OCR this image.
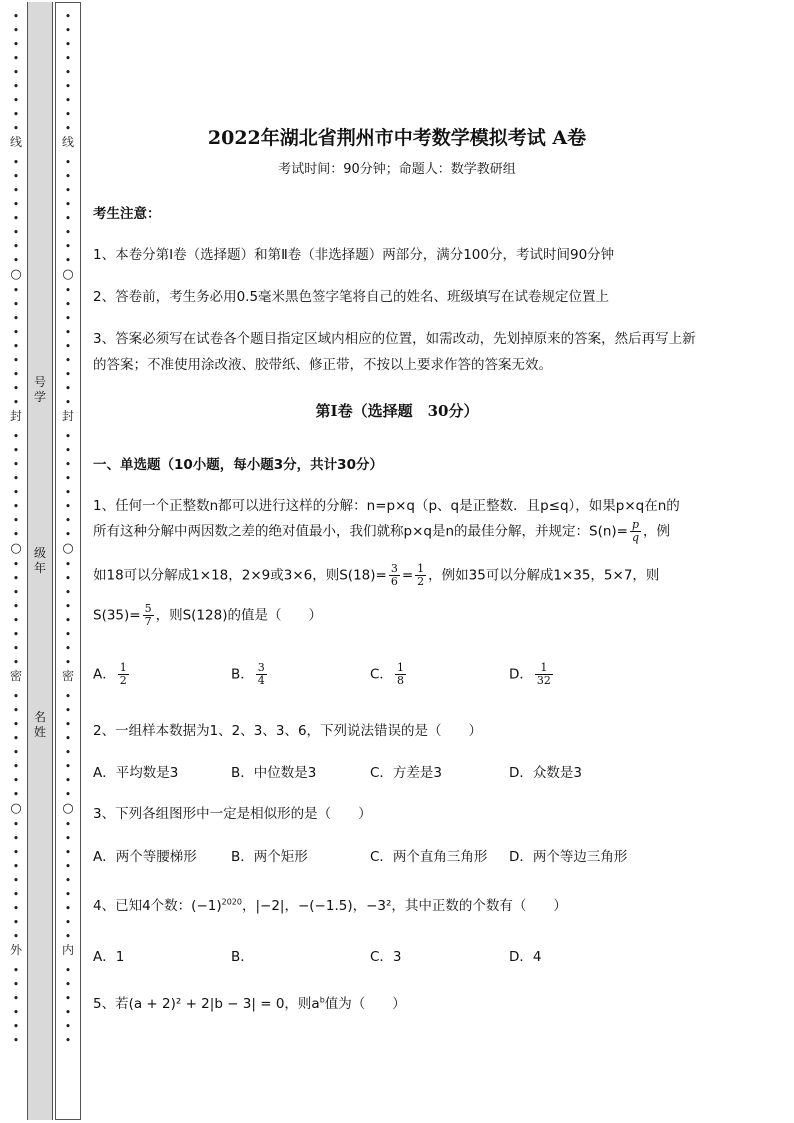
•
•
•
•
•
•
•
•
•
线
•
•
•
•
•
•
•
•
○
•
•
•
•
•
•
•
•
•
封
•
•
•
•
•
•
•
•
○
•
•
•
•
•
•
•
•
密
•
•
•
•
•
•
•
•
○
•
•
•
•
•
•
•
•
•
外
•
•
•
•
•
•
•
•
•
•
•
•
•
•
•
线
•
•
•
•
•
•
•
•
○
•
•
•
•
•
•
•
•
•
封
•
•
•
•
•
•
•
•
○
•
•
•
•
•
•
•
•
密
•
•
•
•
•
•
•
•
○
•
•
•
•
•
•
•
•
•
内
•
•
•
•
•
•
号学
级年
名姓
2022年湖北省荆州市中考数学模拟考试 A卷
考试时间：90分钟；命题人：数学教研组
考生注意：
1、本卷分第I卷（选择题）和第Ⅱ卷（非选择题）两部分，满分100分，考试时间90分钟
2、答卷前，考生务必用0.5毫米黑色签字笔将自己的姓名、班级填写在试卷规定位置上
3、答案必须写在试卷各个题目指定区域内相应的位置，如需改动，先划掉原来的答案，然后再写上新
的答案；不准使用涂改液、胶带纸、修正带，不按以上要求作答的答案无效。
第I卷（选择题　30分）
一、单选题（10小题，每小题3分，共计30分）
1、任何一个正整数n都可以进行这样的分解：n=p×q（p、q是正整数．且p≤q），如果p×q在n的
所有这种分解中两因数之差的绝对值最小，我们就称p×q是n的最佳分解，并规定：$S(n)= \frac{p}{q}$ ，例
如18可以分解成1×18，2×9或3×6，则$S(18)= \frac{3}{6} = \frac{1}{2}$ ，例如35可以分解成1×35，5×7，则
$S(35)= \frac{5}{7}$ ，则S(128)的值是（　　）
A． $\frac{1}{2}$	B． $\frac{3}{4}$	C． $\frac{1}{8}$	D． $\frac{1}{32}$
2、一组样本数据为1、2、3、3、6，下列说法错误的是（　　）
A．平均数是3	B．中位数是3	C．方差是3	D．众数是3
3、下列各组图形中一定是相似形的是（　　）
A．两个等腰梯形	B．两个矩形	C．两个直角三角形 D．两个等边三角形
4、已知4个数：$(-1)^{2020}$，|−2|，−(−1.5)，−3²，其中正数的个数有（　　）
A．1	B．	C．3	D．4
5、若(a + 2)² + 2|b − 3| = 0，则$a^b$值为（　　）
